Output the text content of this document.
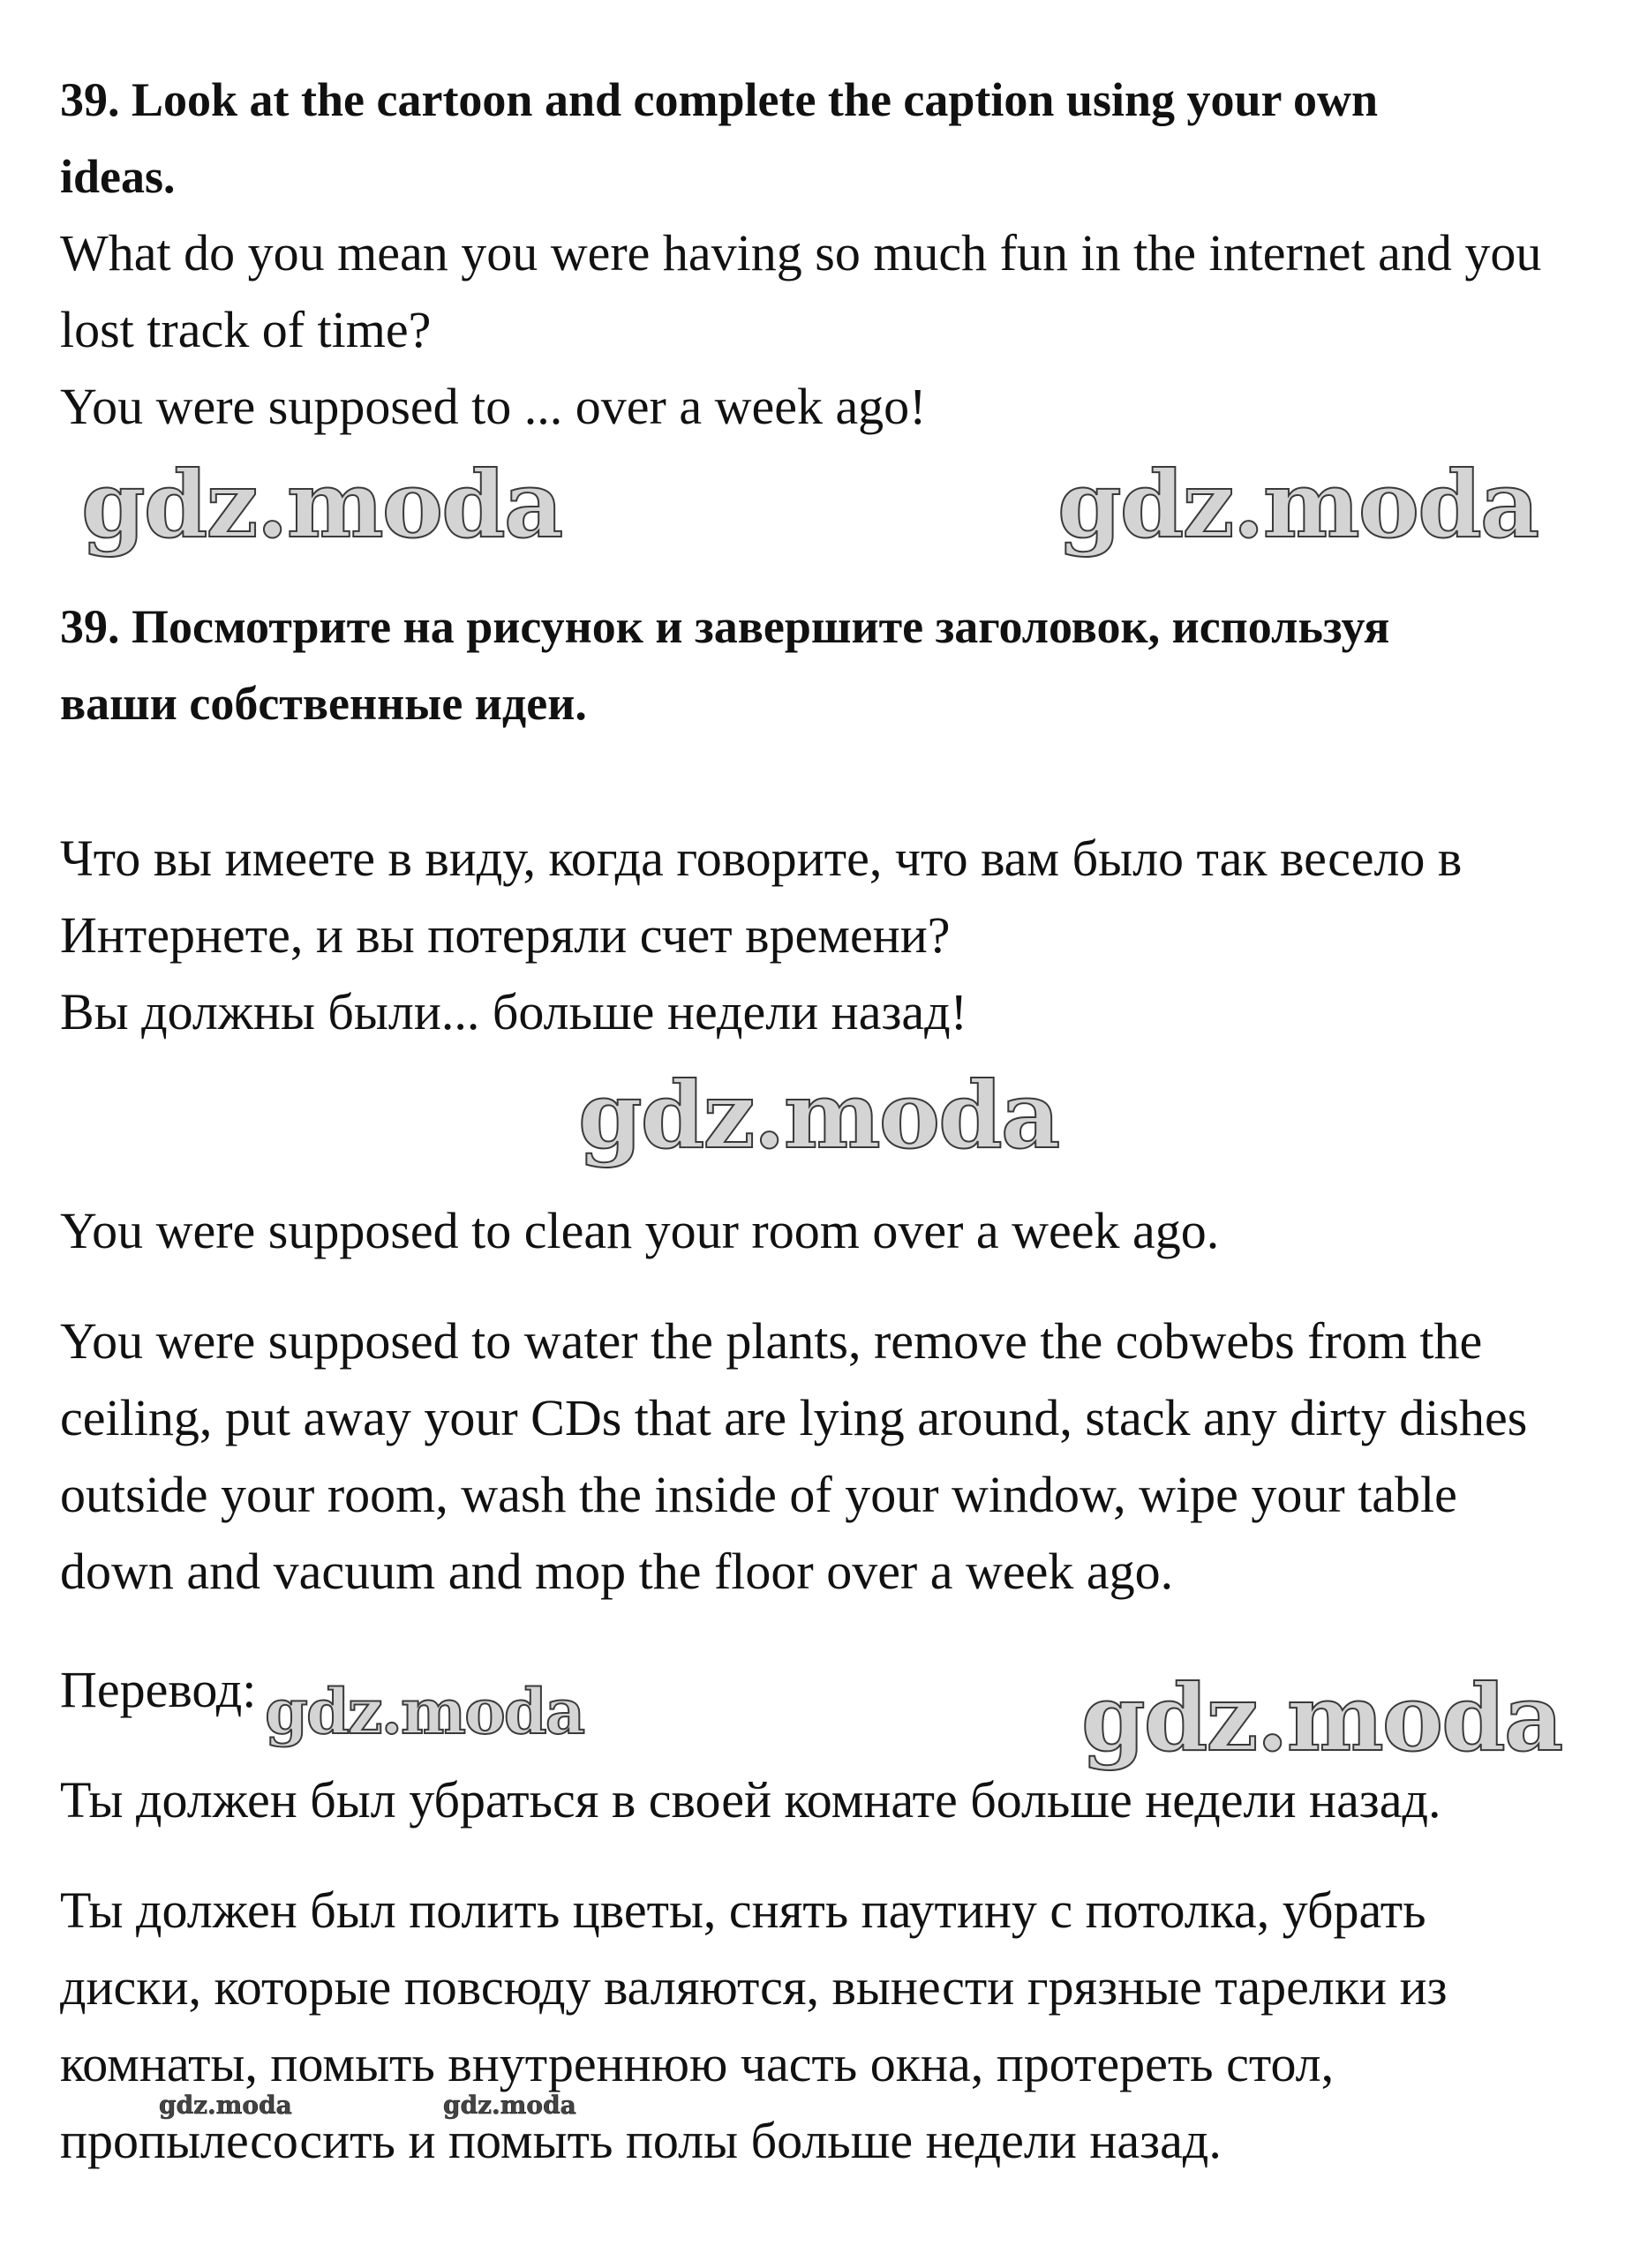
39. Look at the cartoon and complete the caption using your own

ideas.

What do you mean you were having so much fun in the internet and you

lost track of time?

You were supposed to ... over a week ago!

gdz.moda	gdz.moda

39. Посмотрите на рисунок и завершите заголовок, используя

ваши собственные идеи.

Что вы имеете в виду, когда говорите, что вам было так весело в

Интернете, и вы потеряли счет времени?

Вы должны были... больше недели назад!

gdz.moda

You were supposed to clean your room over a week ago.

You were supposed to water the plants, remove the cobwebs from the

ceiling, put away your CDs that are lying around, stack any dirty dishes

outside your room, wash the inside of your window, wipe your table

down and vacuum and mop the floor over a week ago.

Перевод: gdz.moda	gdz.moda

Ты должен был убраться в своей комнате больше недели назад.

Ты должен был полить цветы, снять паутину с потолка, убрать

диски, которые повсюду валяются, вынести грязные тарелки из

комнаты, помыть внутреннюю часть окна, протереть стол,

gdz.moda	gdz.moda

пропылесосить и помыть полы больше недели назад.
